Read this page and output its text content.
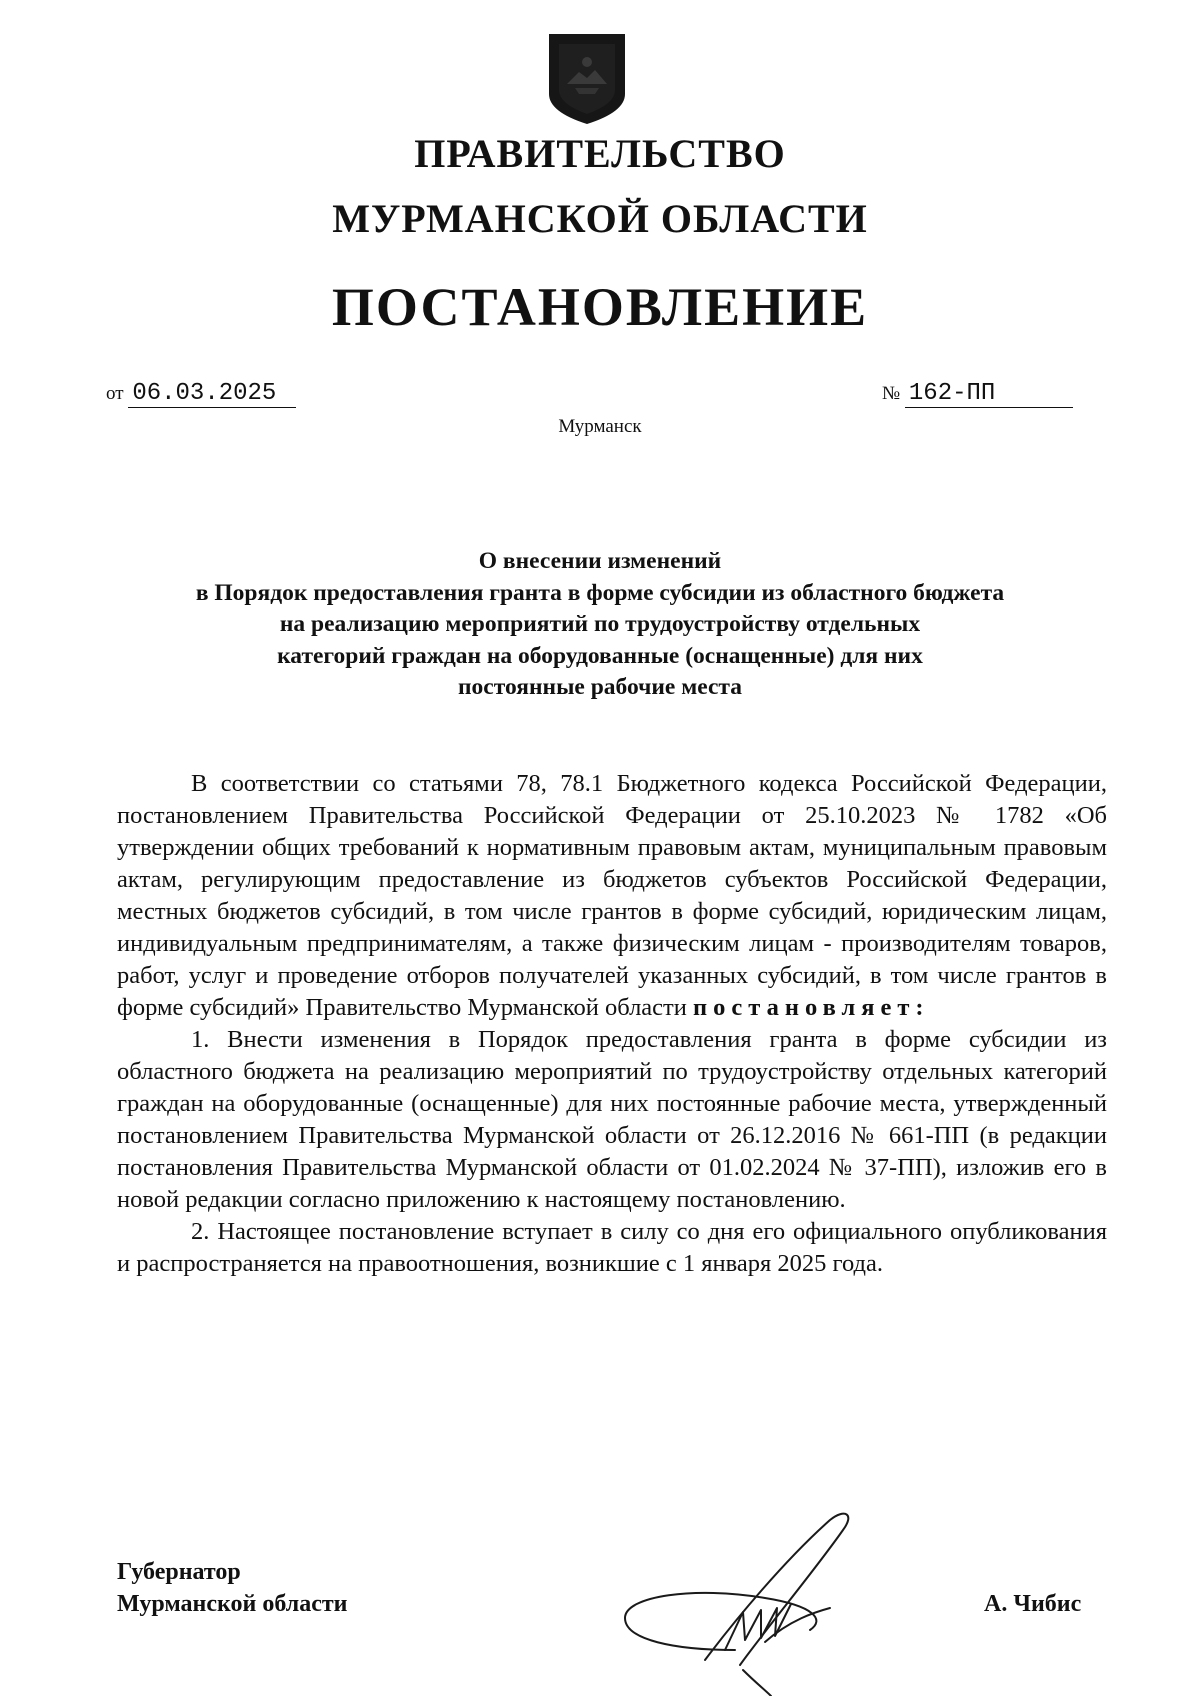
ПРАВИТЕЛЬСТВО
МУРМАНСКОЙ ОБЛАСТИ
ПОСТАНОВЛЕНИЕ
от 06.03.2025	№ 162-ПП
Мурманск
О внесении изменений
в Порядок предоставления гранта в форме субсидии из областного бюджета
на реализацию мероприятий по трудоустройству отдельных
категорий граждан на оборудованные (оснащенные) для них
постоянные рабочие места

В соответствии со статьями 78, 78.1 Бюджетного кодекса Российской Федерации, постановлением Правительства Российской Федерации от 25.10.2023 № 1782 «Об утверждении общих требований к нормативным правовым актам, муниципальным правовым актам, регулирующим предоставление из бюджетов субъектов Российской Федерации, местных бюджетов субсидий, в том числе грантов в форме субсидий, юридическим лицам, индивидуальным предпринимателям, а также физическим лицам - производителям товаров, работ, услуг и проведение отборов получателей указанных субсидий, в том числе грантов в форме субсидий» Правительство Мурманской области постановляет:

1. Внести изменения в Порядок предоставления гранта в форме субсидии из областного бюджета на реализацию мероприятий по трудоустройству отдельных категорий граждан на оборудованные (оснащенные) для них постоянные рабочие места, утвержденный постановлением Правительства Мурманской области от 26.12.2016 № 661-ПП (в редакции постановления Правительства Мурманской области от 01.02.2024 № 37-ПП), изложив его в новой редакции согласно приложению к настоящему постановлению.

2. Настоящее постановление вступает в силу со дня его официального опубликования и распространяется на правоотношения, возникшие с 1 января 2025 года.

Губернатор
Мурманской области	А. Чибис
